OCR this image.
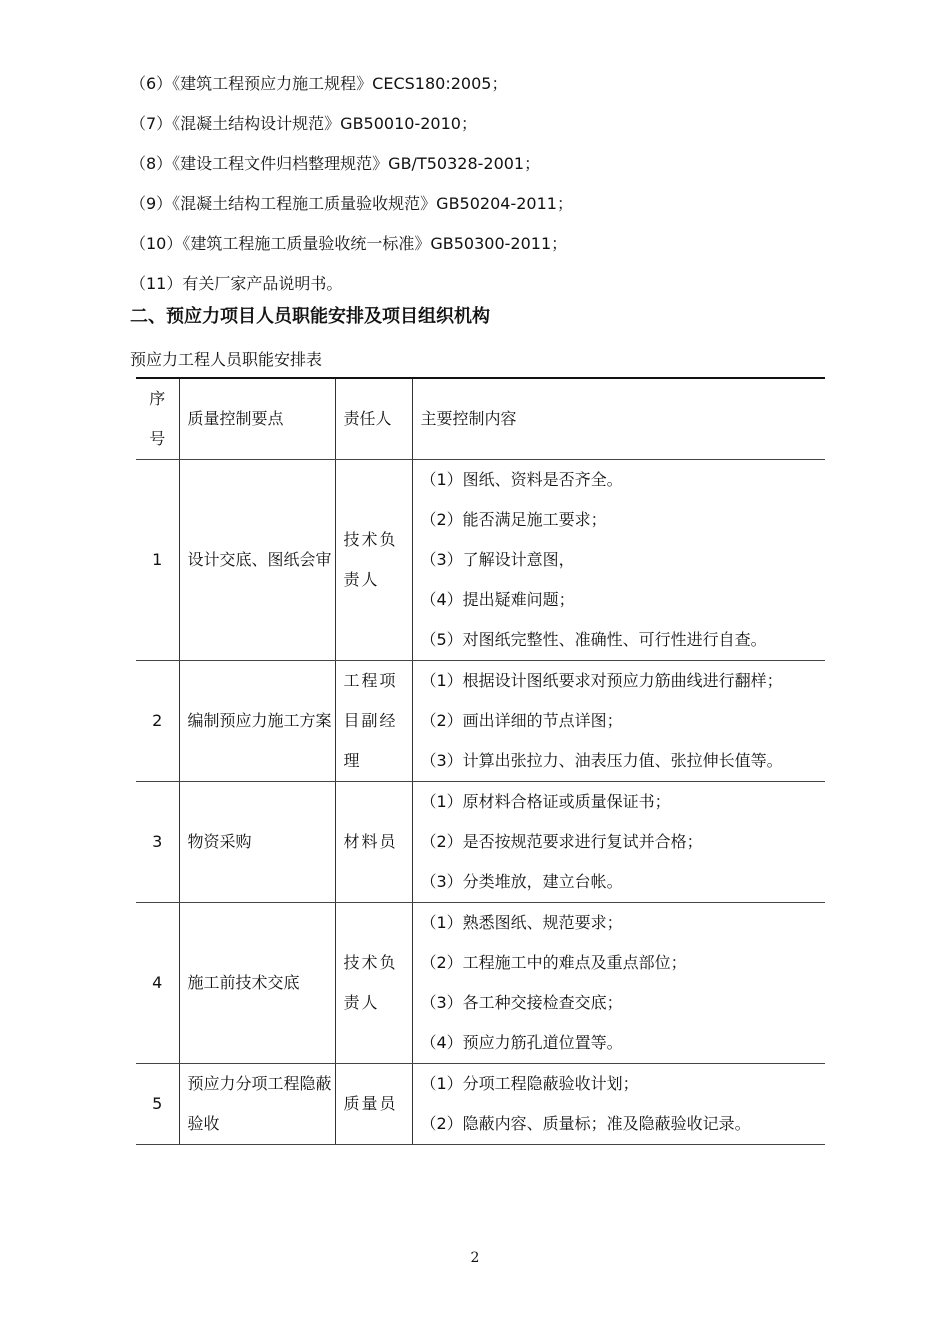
（6）《建筑工程预应力施工规程》CECS180:2005；
（7）《混凝土结构设计规范》GB50010-2010；
（8）《建设工程文件归档整理规范》GB/T50328-2001；
（9）《混凝土结构工程施工质量验收规范》GB50204-2011；
（10）《建筑工程施工质量验收统一标准》GB50300-2011；
（11）有关厂家产品说明书。
二、预应力项目人员职能安排及项目组织机构
预应力工程人员职能安排表
序号	质量控制要点	责任人	主要控制内容
1	设计交底、图纸会审	技术负责人	（1）图纸、资料是否齐全。
（2）能否满足施工要求；
（3）了解设计意图，
（4）提出疑难问题；
（5）对图纸完整性、准确性、可行性进行自查。

2	编制预应力施工方案	工程项目副经理	（1）根据设计图纸要求对预应力筋曲线进行翻样；
（2）画出详细的节点详图；
（3）计算出张拉力、油表压力值、张拉伸长值等。

3	物资采购	材料员	（1）原材料合格证或质量保证书；
（2）是否按规范要求进行复试并合格；
（3）分类堆放，建立台帐。

4	施工前技术交底	技术负责人	（1）熟悉图纸、规范要求；
（2）工程施工中的难点及重点部位；
（3）各工种交接检查交底；
（4）预应力筋孔道位置等。

5	预应力分项工程隐蔽验收	质量员	（1）分项工程隐蔽验收计划；
（2）隐蔽内容、质量标；准及隐蔽验收记录。
2
